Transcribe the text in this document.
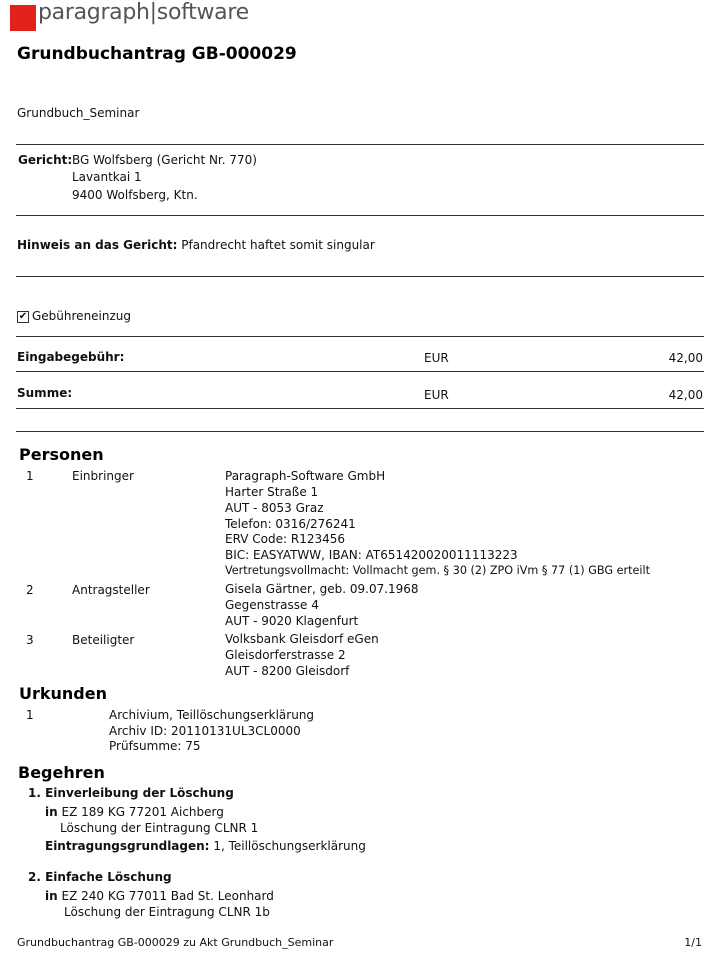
paragraph|software
Grundbuchantrag GB-000029
Grundbuch_Seminar
Gericht: BG Wolfsberg (Gericht Nr. 770)
Lavantkai 1
9400 Wolfsberg, Ktn.
Hinweis an das Gericht: Pfandrecht haftet somit singular
✔ Gebühreneinzug
Eingabegebühr:	EUR	42,00
Summe:	EUR	42,00
Personen
1	Einbringer	Paragraph-Software GmbH
Harter Straße 1
AUT - 8053 Graz
Telefon: 0316/276241
ERV Code: R123456
BIC: EASYATWW, IBAN: AT651420020011113223
Vertretungsvollmacht: Vollmacht gem. § 30 (2) ZPO iVm § 77 (1) GBG erteilt
2	Antragsteller	Gisela Gärtner, geb. 09.07.1968
Gegenstrasse 4
AUT - 9020 Klagenfurt
3	Beteiligter	Volksbank Gleisdorf eGen
Gleisdorferstrasse 2
AUT - 8200 Gleisdorf
Urkunden
1	Archivium, Teillöschungserklärung
Archiv ID: 20110131UL3CL0000
Prüfsumme: 75
Begehren
1. Einverleibung der Löschung
in EZ 189 KG 77201 Aichberg
Löschung der Eintragung CLNR 1
Eintragungsgrundlagen: 1, Teillöschungserklärung
2. Einfache Löschung
in EZ 240 KG 77011 Bad St. Leonhard
Löschung der Eintragung CLNR 1b
Grundbuchantrag GB-000029 zu Akt Grundbuch_Seminar	1/1
